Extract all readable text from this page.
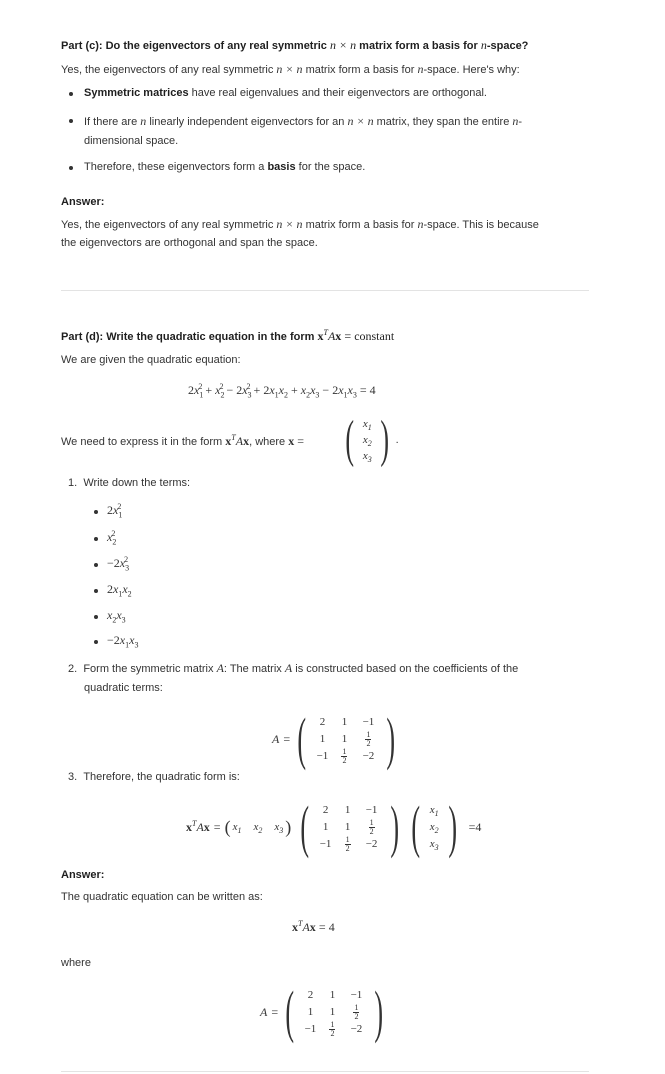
Part (c): Do the eigenvectors of any real symmetric n × n matrix form a basis for n-space?
Yes, the eigenvectors of any real symmetric n × n matrix form a basis for n-space. Here's why:
Symmetric matrices have real eigenvalues and their eigenvectors are orthogonal.
If there are n linearly independent eigenvectors for an n × n matrix, they span the entire n-
dimensional space.
Therefore, these eigenvectors form a basis for the space.
Answer:
Yes, the eigenvectors of any real symmetric n × n matrix form a basis for n-space. This is because
the eigenvectors are orthogonal and span the space.
Part (d): Write the quadratic equation in the form $x^TAx$ = constant
We are given the quadratic equation:
$2x_1^2 + x_2^2 - 2x_3^2 + 2x_1x_2 + x_2x_3 - 2x_1x_3 = 4$
We need to express it in the form $x^TAx$, where x = ( $x_1$
$x_2$
$x_3$ ) .
1. Write down the terms:
$2x_1^2$
$x_2^2$
$-2x_3^2$
$2x_1x_2$
$x_2x_3$
$-2x_1x_3$
2. Form the symmetric matrix A: The matrix A is constructed based on the coefficients of the
quadratic terms:
A = ( 2 1 −1
1 $1 \frac{1}{2}$
$-1 \frac{1}{2} -2$ )
3. Therefore, the quadratic form is:
$x^T$ A x = ( $x_1$ $x_2$ $x_3$ ) ( 2 1 −1
1 $1 \frac{1}{2}$
$-1 \frac{1}{2} -2$ ) ( $x_1$
$x_2$
$x_3$ ) = 4
Answer:
The quadratic equation can be written as:
$x^TAx = 4$
where
A = ( 2 1 −1
1 $1 \frac{1}{2}$
$-1 \frac{1}{2} -2$ )
